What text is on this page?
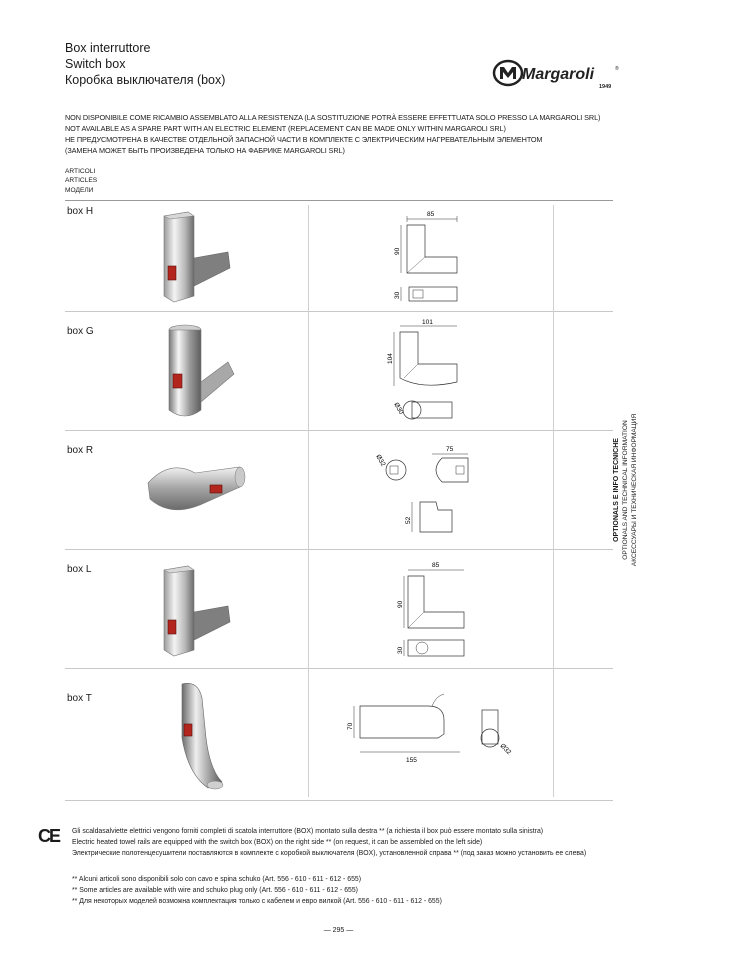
Box interruttore
Switch box
Коробка выключателя (box)	Margaroli	®
1949
NON DISPONIBILE COME RICAMBIO ASSEMBLATO ALLA RESISTENZA (LA SOSTITUZIONE POTRÀ ESSERE EFFETTUATA SOLO PRESSO LA MARGAROLI SRL)
NOT AVAILABLE AS A SPARE PART WITH AN ELECTRIC ELEMENT (REPLACEMENT CAN BE MADE ONLY WITHIN MARGAROLI SRL)
НЕ ПРЕДУСМОТРЕНА В КАЧЕСТВЕ ОТДЕЛЬНОЙ ЗАПАСНОЙ ЧАСТИ В КОМПЛЕКТЕ С ЭЛЕКТРИЧЕСКИМ НАГРЕВАТЕЛЬНЫМ ЭЛЕМЕНТОМ
(ЗАМЕНА МОЖЕТ БЫТЬ ПРОИЗВЕДЕНА ТОЛЬКО НА ФАБРИКЕ MARGAROLI SRL)
ARTICOLI
ARTICLES
МОДЕЛИ
box H
box G
box R
box L
box T
85
90
30
101
104
Ø30
Ø32
75
52
85
90
30
70
155
Ø32
OPTIONALS E INFO TECNICHE OPTIONALS AND TECHNICAL INFORMATION АКСЕССУАРЫ И ТЕХНИЧЕСКАЯ ИНФОРМАЦИЯ
CE Gli scaldasalviette elettrici vengono forniti completi di scatola interruttore (BOX) montato sulla destra ** (a richiesta il box può essere montato sulla sinistra)
Electric heated towel rails are equipped with the switch box (BOX) on the right side ** (on request, it can be assembled on the left side)
Электрические полотенцесушители поставляются в комплекте с коробкой выключателя (BOX), установленной справа ** (под заказ можно установить ее слева)
** Alcuni articoli sono disponibili solo con cavo e spina schuko (Art. 556 - 610 - 611 - 612 - 655)
** Some articles are available with wire and schuko plug only (Art. 556 - 610 - 611 - 612 - 655)
** Для некоторых моделей возможна комплектация только с кабелем и евро вилкой (Art. 556 - 610 - 611 - 612 - 655)
— 295 —
